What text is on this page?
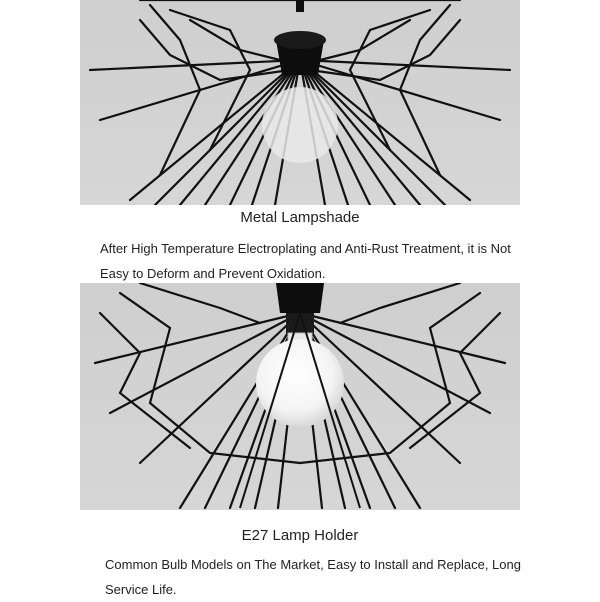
Metal Lampshade
After High Temperature Electroplating and Anti-Rust Treatment, it is Not Easy to Deform and Prevent Oxidation.
E27 Lamp Holder
Common Bulb Models on The Market, Easy to Install and Replace, Long Service Life.
